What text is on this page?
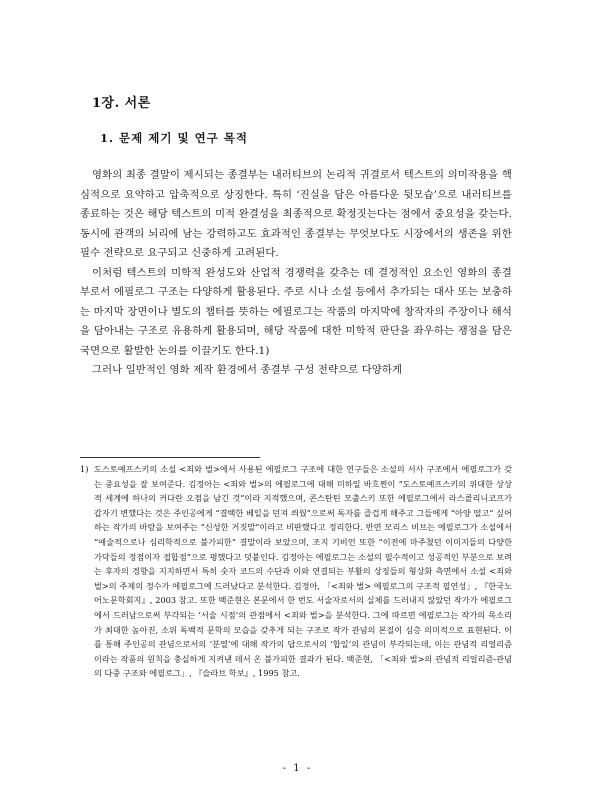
1장. 서론
1. 문제 제기 및 연구 목적

영화의 최종 결말이 제시되는 종결부는 내러티브의 논리적 귀결로서 텍스트의 의미작용을 핵심적으로 요약하고 압축적으로 상징한다. 특히 ‘진실을 담은 아름다운 뒷모습’으로 내러티브를 종료하는 것은 해당 텍스트의 미적 완결성을 최종적으로 확정짓는다는 점에서 중요성을 갖는다. 동시에 관객의 뇌리에 남는 강력하고도 효과적인 종결부는 무엇보다도 시장에서의 생존을 위한 필수 전략으로 요구되고 신중하게 고려된다.

이처럼 텍스트의 미학적 완성도와 산업적 경쟁력을 갖추는 데 결정적인 요소인 영화의 종결부로서 에필로그 구조는 다양하게 활용된다. 주로 시나 소설 등에서 추가되는 대사 또는 보충하는 마지막 장면이나 별도의 챕터를 뜻하는 에필로그는 작품의 마지막에 창작자의 주장이나 해석을 담아내는 구조로 유용하게 활용되며, 해당 작품에 대한 미학적 판단을 좌우하는 쟁점을 담은 국면으로 활발한 논의를 이끌기도 한다.1)

그러나 일반적인 영화 제작 환경에서 종결부 구성 전략으로 다양하게

1) 도스토예프스키의 소설 <죄와 벌>에서 사용된 에필로그 구조에 대한 연구들은 소설의 서사 구조에서 에필로그가 갖는 중요성을 잘 보여준다. 김정아는 <죄와 벌>의 에필로그에 대해 미하일 바흐찐이 “도스토예프스키의 위대한 상상적 세계에 하나의 커다란 오점을 남긴 것”이라 지적했으며, 콘스탄틴 모출스키 또한 에필로그에서 라스콜리니코프가 갑자기 변했다는 것은 주인공에게 “결백한 베일을 던져 씌웠”으로써 독자를 즐겁게 해주고 그들에게 “아양 떨고” 싶어 하는 작가의 바람을 보여주는 “신성한 거짓말”이라고 비판했다고 정리한다. 반면 모리스 비브는 에필로그가 소설에서 “예술적으로나 심리학적으로 불가피한” 결말이라 보았으며, 조지 기비언 또한 “이전에 마주쳤던 이미지들의 다양한 가닥들의 정점이자 접합점”으로 평했다고 덧붙인다. 김정아는 에필로그는 소설의 필수적이고 성공적인 부분으로 보려는 후자의 경향을 지지하면서 특히 숫자 코드의 수단과 이와 연결되는 부활의 상징들의 형상화 측면에서 소설 <죄와 벌>의 주제의 정수가 에필로그에 드러났다고 분석한다. 김정아, 「<죄와 벌> 에필로그의 구조적 필연성」, 『한국노어노문학회지』, 2003 참고. 또한 백준현은 본문에서 한 번도 서술자로서의 실체를 드러내지 않았던 작가가 에필로그에서 드러남으로써 부각되는 ‘서술 시점’의 관점에서 <죄와 벌>을 분석한다. 그에 따르면 에필로그는 작가의 목소리가 최대한 높아진, 소위 독백적 문학의 모습을 갖추게 되는 구조로 작가 관념의 본질이 심층 의미적으로 표현된다. 이를 통해 주인공의 관념으로서의 ‘분열’에 대해 작가의 답으로서의 ‘합일’의 관념이 부각되는데, 이는 관념적 리얼리즘이라는 작품의 원칙을 충실하게 지켜낸 데서 온 불가피한 결과가 된다. 백준현, 「<죄와 벌>의 관념적 리얼리즘-관념의 다중 구조와 에필로그」, 『슬라브 학보』, 1995 참고.
- 1 -
